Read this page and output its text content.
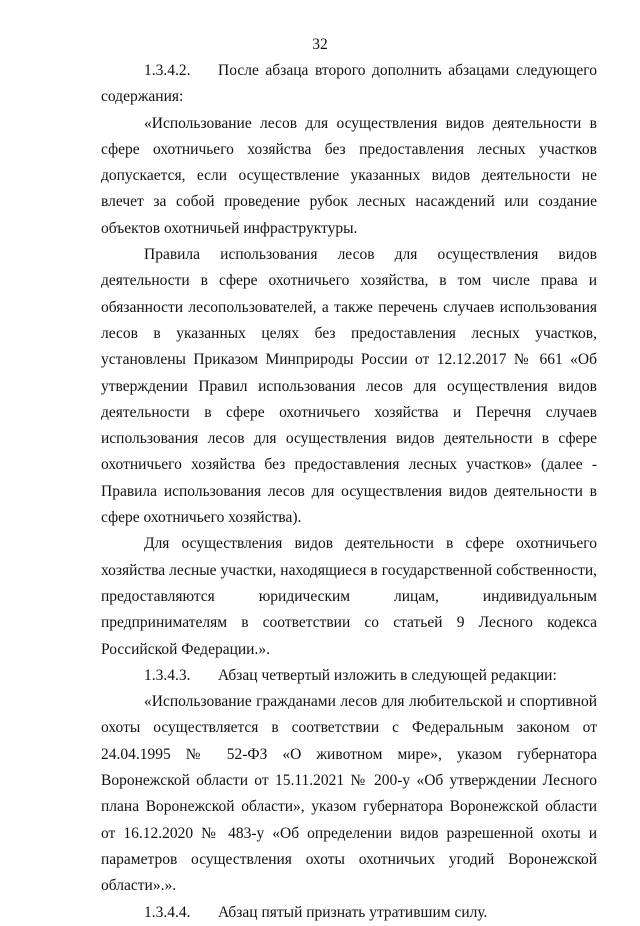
32

1.3.4.2. После абзаца второго дополнить абзацами следующего содержания:

«Использование лесов для осуществления видов деятельности в сфере охотничьего хозяйства без предоставления лесных участков допускается, если осуществление указанных видов деятельности не влечет за собой проведение рубок лесных насаждений или создание объектов охотничьей инфраструктуры.

Правила использования лесов для осуществления видов деятельности в сфере охотничьего хозяйства, в том числе права и обязанности лесопользователей, а также перечень случаев использования лесов в указанных целях без предоставления лесных участков, установлены Приказом Минприроды России от 12.12.2017 № 661 «Об утверждении Правил использования лесов для осуществления видов деятельности в сфере охотничьего хозяйства и Перечня случаев использования лесов для осуществления видов деятельности в сфере охотничьего хозяйства без предоставления лесных участков» (далее - Правила использования лесов для осуществления видов деятельности в сфере охотничьего хозяйства).

Для осуществления видов деятельности в сфере охотничьего хозяйства лесные участки, находящиеся в государственной собственности, предоставляются юридическим лицам, индивидуальным предпринимателям в соответствии со статьей 9 Лесного кодекса Российской Федерации.».

1.3.4.3. Абзац четвертый изложить в следующей редакции:

«Использование гражданами лесов для любительской и спортивной охоты осуществляется в соответствии с Федеральным законом от 24.04.1995 № 52-ФЗ «О животном мире», указом губернатора Воронежской области от 15.11.2021 № 200-у «Об утверждении Лесного плана Воронежской области», указом губернатора Воронежской области от 16.12.2020 № 483-у «Об определении видов разрешенной охоты и параметров осуществления охоты охотничьих угодий Воронежской области».».

1.3.4.4. Абзац пятый признать утратившим силу.
